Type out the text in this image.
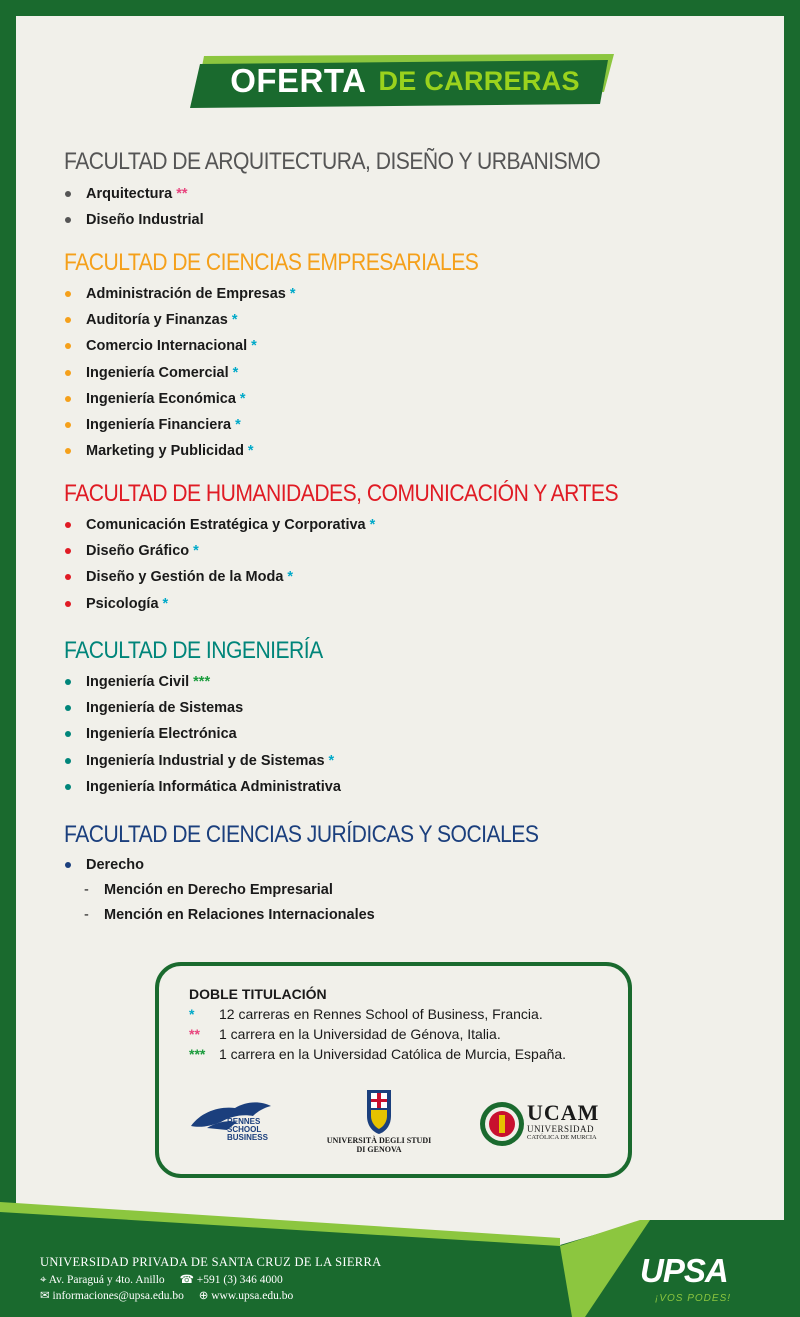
OFERTA DE CARRERAS
FACULTAD DE ARQUITECTURA, DISEÑO Y URBANISMO
Arquitectura **
Diseño Industrial
FACULTAD DE CIENCIAS EMPRESARIALES
Administración de Empresas *
Auditoría y Finanzas *
Comercio Internacional *
Ingeniería Comercial *
Ingeniería Económica *
Ingeniería Financiera *
Marketing y Publicidad *
FACULTAD DE HUMANIDADES, COMUNICACIÓN Y ARTES
Comunicación Estratégica y Corporativa *
Diseño Gráfico *
Diseño y Gestión de la Moda *
Psicología *
FACULTAD DE INGENIERÍA
Ingeniería Civil ***
Ingeniería de Sistemas
Ingeniería Electrónica
Ingeniería Industrial y de Sistemas *
Ingeniería Informática Administrativa
FACULTAD DE CIENCIAS JURÍDICAS Y SOCIALES
Derecho
-	Mención en Derecho Empresarial
-	Mención en Relaciones Internacionales
DOBLE TITULACIÓN
* 12 carreras en Rennes School of Business, Francia.
** 1 carrera en la Universidad de Génova, Italia.
*** 1 carrera en la Universidad Católica de Murcia, España.
RENNES
SCHOOL
BUSINESS	UNIVERSITÀ DEGLI STUDI
DI GENOVA
UCAM
UNIVERSIDAD
CATÓLICA DE MURCIA
UNIVERSIDAD PRIVADA DE SANTA CRUZ DE LA SIERRA
⌖ Av. Paraguá y 4to. Anillo ☎ +591 (3) 346 4000
✉ informaciones@upsa.edu.bo ⊕ www.upsa.edu.bo
UPSA
¡VOS PODES!
